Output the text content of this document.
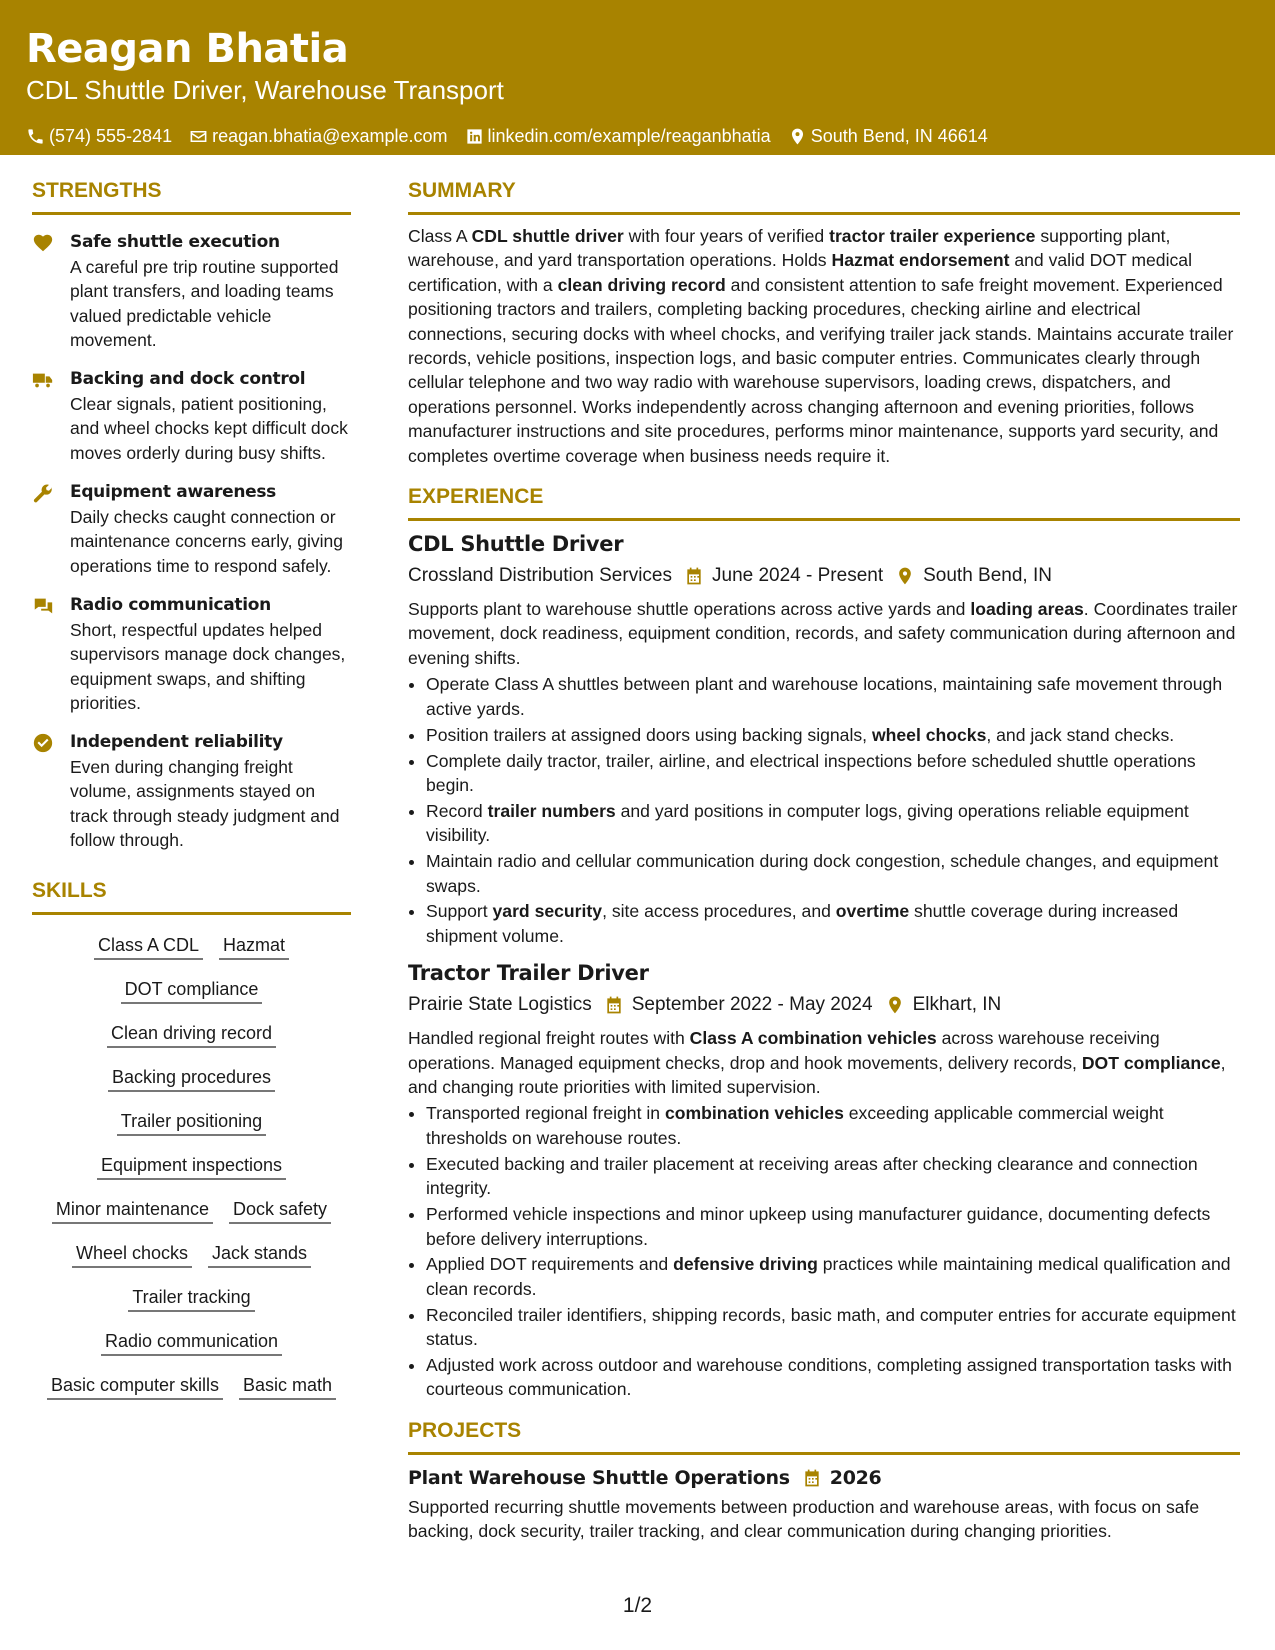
Reagan Bhatia
CDL Shuttle Driver, Warehouse Transport
(574) 555-2841 reagan.bhatia@example.com linkedin.com/example/reaganbhatia South Bend, IN 46614
STRENGTHS
Safe shuttle execution
A careful pre trip routine supported plant transfers, and loading teams valued predictable vehicle movement.
Backing and dock control
Clear signals, patient positioning, and wheel chocks kept difficult dock moves orderly during busy shifts.
Equipment awareness
Daily checks caught connection or maintenance concerns early, giving operations time to respond safely.
Radio communication
Short, respectful updates helped supervisors manage dock changes, equipment swaps, and shifting priorities.
Independent reliability
Even during changing freight volume, assignments stayed on track through steady judgment and follow through.
SKILLS
Class A CDL Hazmat
DOT compliance
Clean driving record
Backing procedures
Trailer positioning
Equipment inspections
Minor maintenance Dock safety
Wheel chocks Jack stands
Trailer tracking
Radio communication
Basic computer skills Basic math
SUMMARY
Class A CDL shuttle driver with four years of verified tractor trailer experience supporting plant, warehouse, and yard transportation operations. Holds Hazmat endorsement and valid DOT medical certification, with a clean driving record and consistent attention to safe freight movement. Experienced positioning tractors and trailers, completing backing procedures, checking airline and electrical connections, securing docks with wheel chocks, and verifying trailer jack stands. Maintains accurate trailer records, vehicle positions, inspection logs, and basic computer entries. Communicates clearly through cellular telephone and two way radio with warehouse supervisors, loading crews, dispatchers, and operations personnel. Works independently across changing afternoon and evening priorities, follows manufacturer instructions and site procedures, performs minor maintenance, supports yard security, and completes overtime coverage when business needs require it.
EXPERIENCE
CDL Shuttle Driver
Crossland Distribution Services June 2024 - Present South Bend, IN
Supports plant to warehouse shuttle operations across active yards and loading areas. Coordinates trailer movement, dock readiness, equipment condition, records, and safety communication during afternoon and evening shifts.
• Operate Class A shuttles between plant and warehouse locations, maintaining safe movement through active yards.
• Position trailers at assigned doors using backing signals, wheel chocks, and jack stand checks.
• Complete daily tractor, trailer, airline, and electrical inspections before scheduled shuttle operations begin.
• Record trailer numbers and yard positions in computer logs, giving operations reliable equipment visibility.
• Maintain radio and cellular communication during dock congestion, schedule changes, and equipment swaps.
• Support yard security, site access procedures, and overtime shuttle coverage during increased shipment volume.
Tractor Trailer Driver
Prairie State Logistics September 2022 - May 2024 Elkhart, IN
Handled regional freight routes with Class A combination vehicles across warehouse receiving operations. Managed equipment checks, drop and hook movements, delivery records, DOT compliance, and changing route priorities with limited supervision.
• Transported regional freight in combination vehicles exceeding applicable commercial weight thresholds on warehouse routes.
• Executed backing and trailer placement at receiving areas after checking clearance and connection integrity.
• Performed vehicle inspections and minor upkeep using manufacturer guidance, documenting defects before delivery interruptions.
• Applied DOT requirements and defensive driving practices while maintaining medical qualification and clean records.
• Reconciled trailer identifiers, shipping records, basic math, and computer entries for accurate equipment status.
• Adjusted work across outdoor and warehouse conditions, completing assigned transportation tasks with courteous communication.
PROJECTS
Plant Warehouse Shuttle Operations 2026
Supported recurring shuttle movements between production and warehouse areas, with focus on safe backing, dock security, trailer tracking, and clear communication during changing priorities.
1/2
